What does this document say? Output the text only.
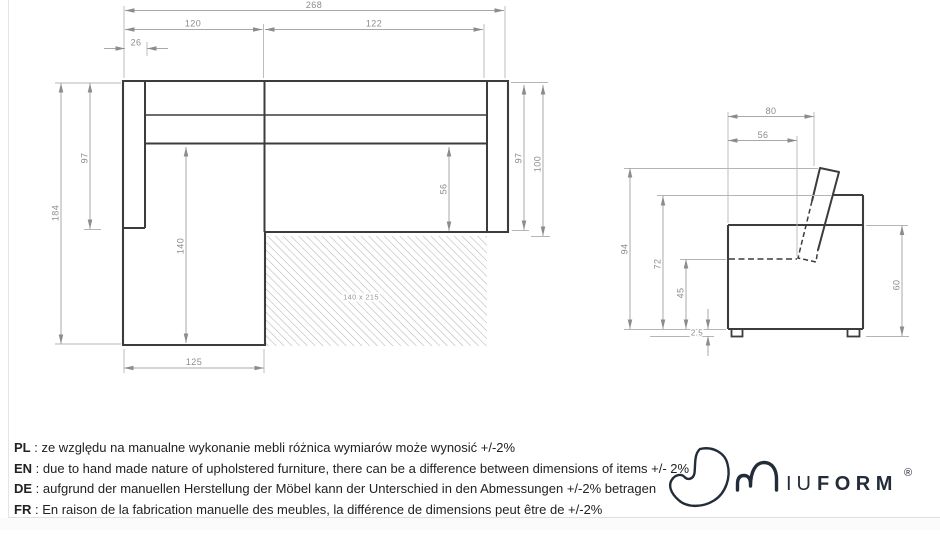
140 x 215
268
120	122
26
184
97
140
125
56
97 100
80
56
94
72
45
2.5
60
IU FORM ®
PL : ze względu na manualne wykonanie mebli różnica wymiarów może wynosić +/-2%
EN : due to hand made nature of upholstered furniture, there can be a difference between dimensions of items +/- 2%
DE : aufgrund der manuellen Herstellung der Möbel kann der Unterschied in den Abmessungen +/-2% betragen
FR : En raison de la fabrication manuelle des meubles, la différence de dimensions peut être de +/-2%
